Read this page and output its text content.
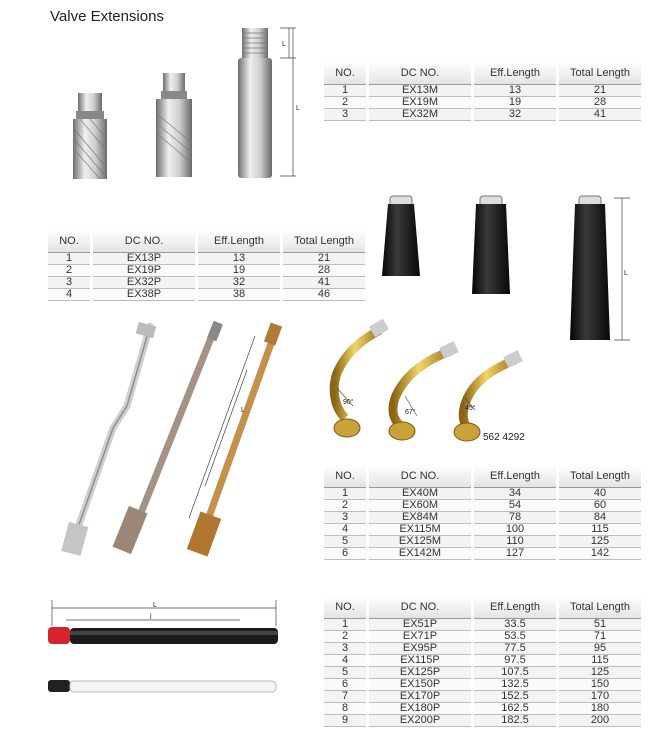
Valve Extensions
L
L
L
L
90°
67°
45°
562 4292
L
l
NO.	DC NO.	Eff.Length	Total Length
1	EX13M	13	21
2	EX19M	19	28
3	EX32M	32	41
NO.	DC NO.	Eff.Length	Total Length
1	EX13P	13	21
2	EX19P	19	28
3	EX32P	32	41
4	EX38P	38	46
NO.	DC NO.	Eff.Length	Total Length
1	EX40M	34	40
2	EX60M	54	60
3	EX84M	78	84
4	EX115M	100	115
5	EX125M	110	125
6	EX142M	127	142
NO.	DC NO.	Eff.Length	Total Length
1	EX51P	33.5	51
2	EX71P	53.5	71
3	EX95P	77.5	95
4	EX115P	97.5	115
5	EX125P	107.5	125
6	EX150P	132.5	150
7	EX170P	152.5	170
8	EX180P	162.5	180
9	EX200P	182.5	200
